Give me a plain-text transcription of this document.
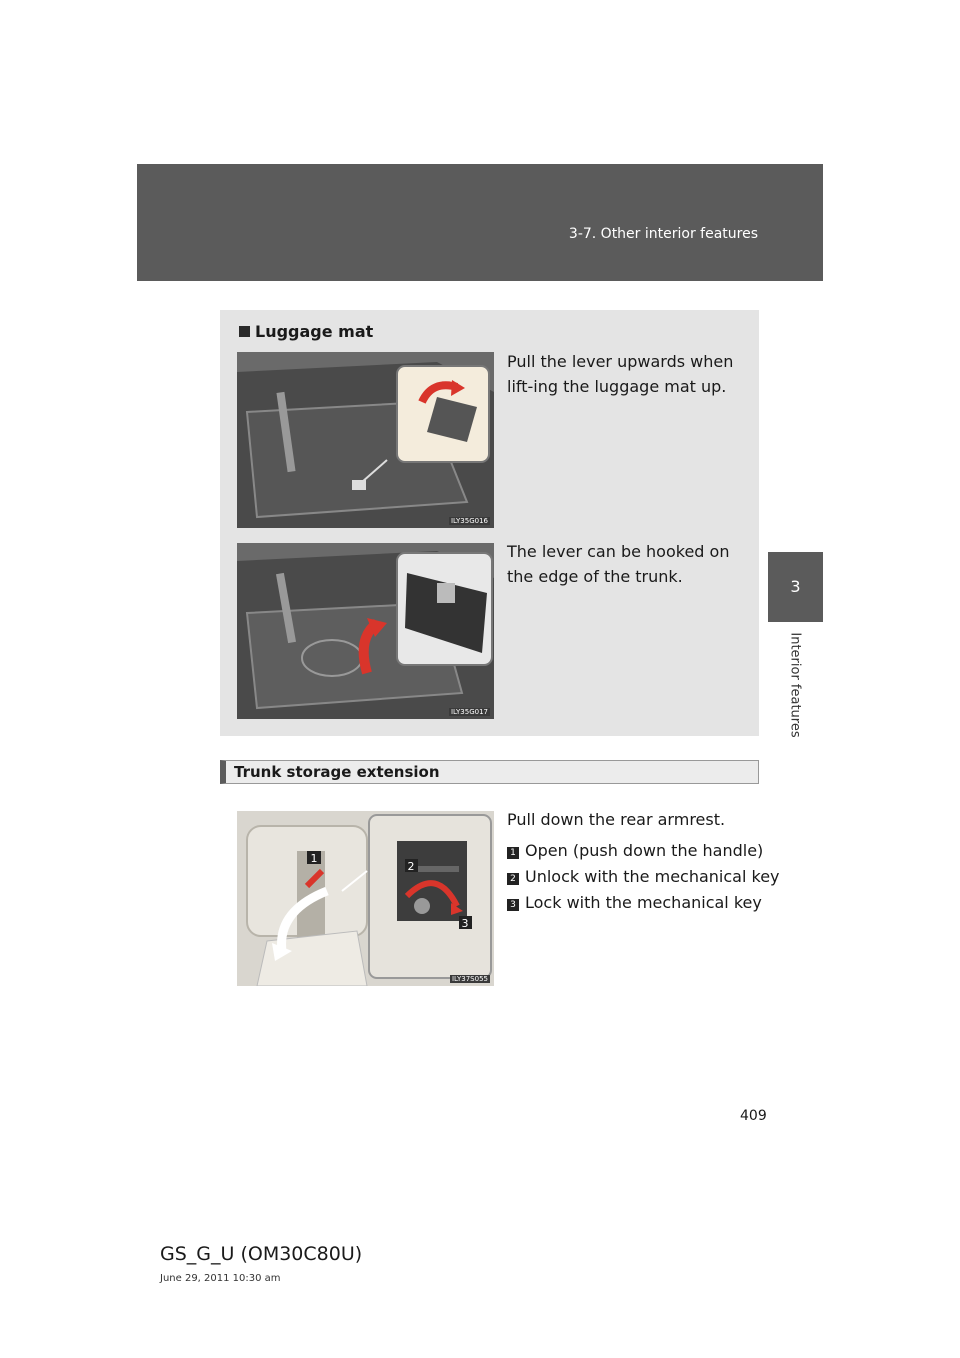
3-7. Other interior features
3
Interior features
Luggage mat
ILY35G016
Pull the lever upwards when lift-ing the luggage mat up.
ILY35G017
The lever can be hooked on the edge of the trunk.
Trunk storage extension
1
2
3
ILY37S055
Pull down the rear armrest.
1 Open (push down the handle)
2 Unlock with the mechanical key
3 Lock with the mechanical key
409
GS_G_U (OM30C80U)
June 29, 2011 10:30 am
